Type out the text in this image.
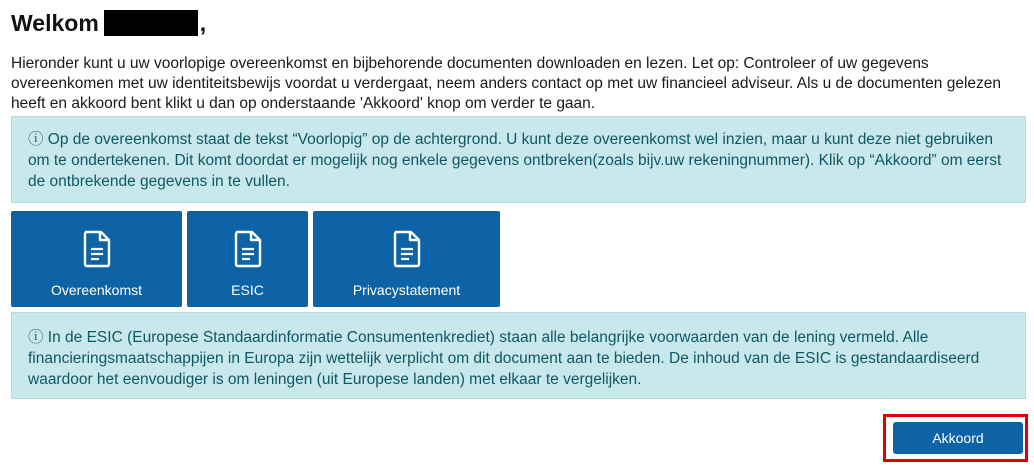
Welkom	,

Hieronder kunt u uw voorlopige overeenkomst en bijbehorende documenten downloaden en lezen. Let op: Controleer of uw gegevens overeenkomen met uw identiteitsbewijs voordat u verdergaat, neem anders contact op met uw financieel adviseur. Als u de documenten gelezen heeft en akkoord bent klikt u dan op onderstaande 'Akkoord' knop om verder te gaan.

ⓘ Op de overeenkomst staat de tekst “Voorlopig” op de achtergrond. U kunt deze overeenkomst wel inzien, maar u kunt deze niet gebruiken om te ondertekenen. Dit komt doordat er mogelijk nog enkele gegevens ontbreken(zoals bijv.uw rekeningnummer). Klik op “Akkoord” om eerst de ontbrekende gegevens in te vullen.
Overeenkomst	ESIC	Privacystatement
ⓘ In de ESIC (Europese Standaardinformatie Consumentenkrediet) staan alle belangrijke voorwaarden van de lening vermeld. Alle financieringsmaatschappijen in Europa zijn wettelijk verplicht om dit document aan te bieden. De inhoud van de ESIC is gestandaardiseerd waardoor het eenvoudiger is om leningen (uit Europese landen) met elkaar te vergelijken.
Akkoord
